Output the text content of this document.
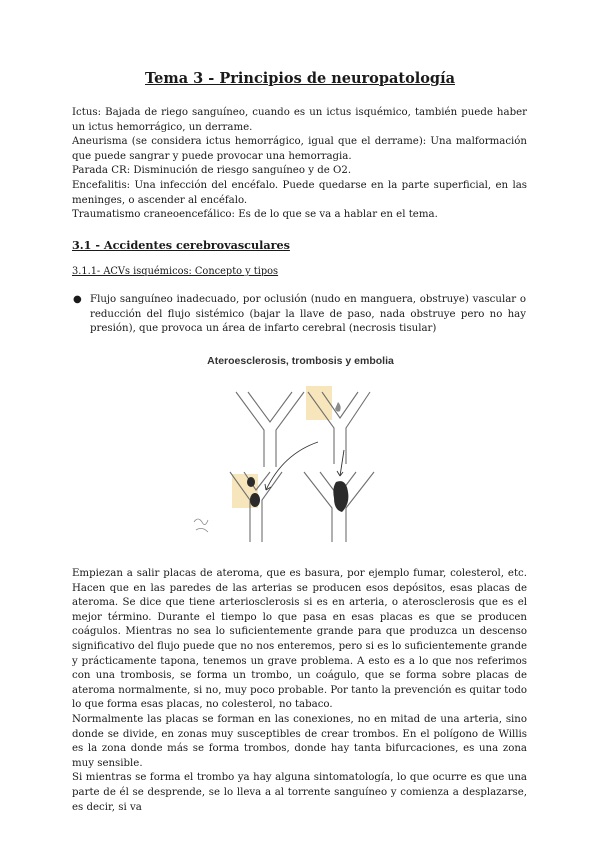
Tema 3 - Principios de neuropatología

Ictus: Bajada de riego sanguíneo, cuando es un ictus isquémico, también puede haber un ictus hemorrágico, un derrame.

Aneurisma (se considera ictus hemorrágico, igual que el derrame): Una malformación que puede sangrar y puede provocar una hemorragia.

Parada CR: Disminución de riesgo sanguíneo y de O2.

Encefalitis: Una infección del encéfalo. Puede quedarse en la parte superficial, en las meninges, o ascender al encéfalo.

Traumatismo craneoencefálico: Es de lo que se va a hablar en el tema.

3.1 - Accidentes cerebrovasculares
3.1.1- ACVs isquémicos: Concepto y tipos
● Flujo sanguíneo inadecuado, por oclusión (nudo en manguera, obstruye) vascular o reducción del flujo sistémico (bajar la llave de paso, nada obstruye pero no hay presión), que provoca un área de infarto cerebral (necrosis tisular)

Ateroesclerosis, trombosis y embolia

Empiezan a salir placas de ateroma, que es basura, por ejemplo fumar, colesterol, etc. Hacen que en las paredes de las arterias se producen esos depósitos, esas placas de ateroma. Se dice que tiene arteriosclerosis si es en arteria, o aterosclerosis que es el mejor término. Durante el tiempo lo que pasa en esas placas es que se producen coágulos. Mientras no sea lo suficientemente grande para que produzca un descenso significativo del flujo puede que no nos enteremos, pero si es lo suficientemente grande y prácticamente tapona, tenemos un grave problema. A esto es a lo que nos referimos con una trombosis, se forma un trombo, un coágulo, que se forma sobre placas de ateroma normalmente, si no, muy poco probable. Por tanto la prevención es quitar todo lo que forma esas placas, no colesterol, no tabaco.

Normalmente las placas se forman en las conexiones, no en mitad de una arteria, sino donde se divide, en zonas muy susceptibles de crear trombos. En el polígono de Willis es la zona donde más se forma trombos, donde hay tanta bifurcaciones, es una zona muy sensible.

Si mientras se forma el trombo ya hay alguna sintomatología, lo que ocurre es que una parte de él se desprende, se lo lleva a al torrente sanguíneo y comienza a desplazarse, es decir, si va
